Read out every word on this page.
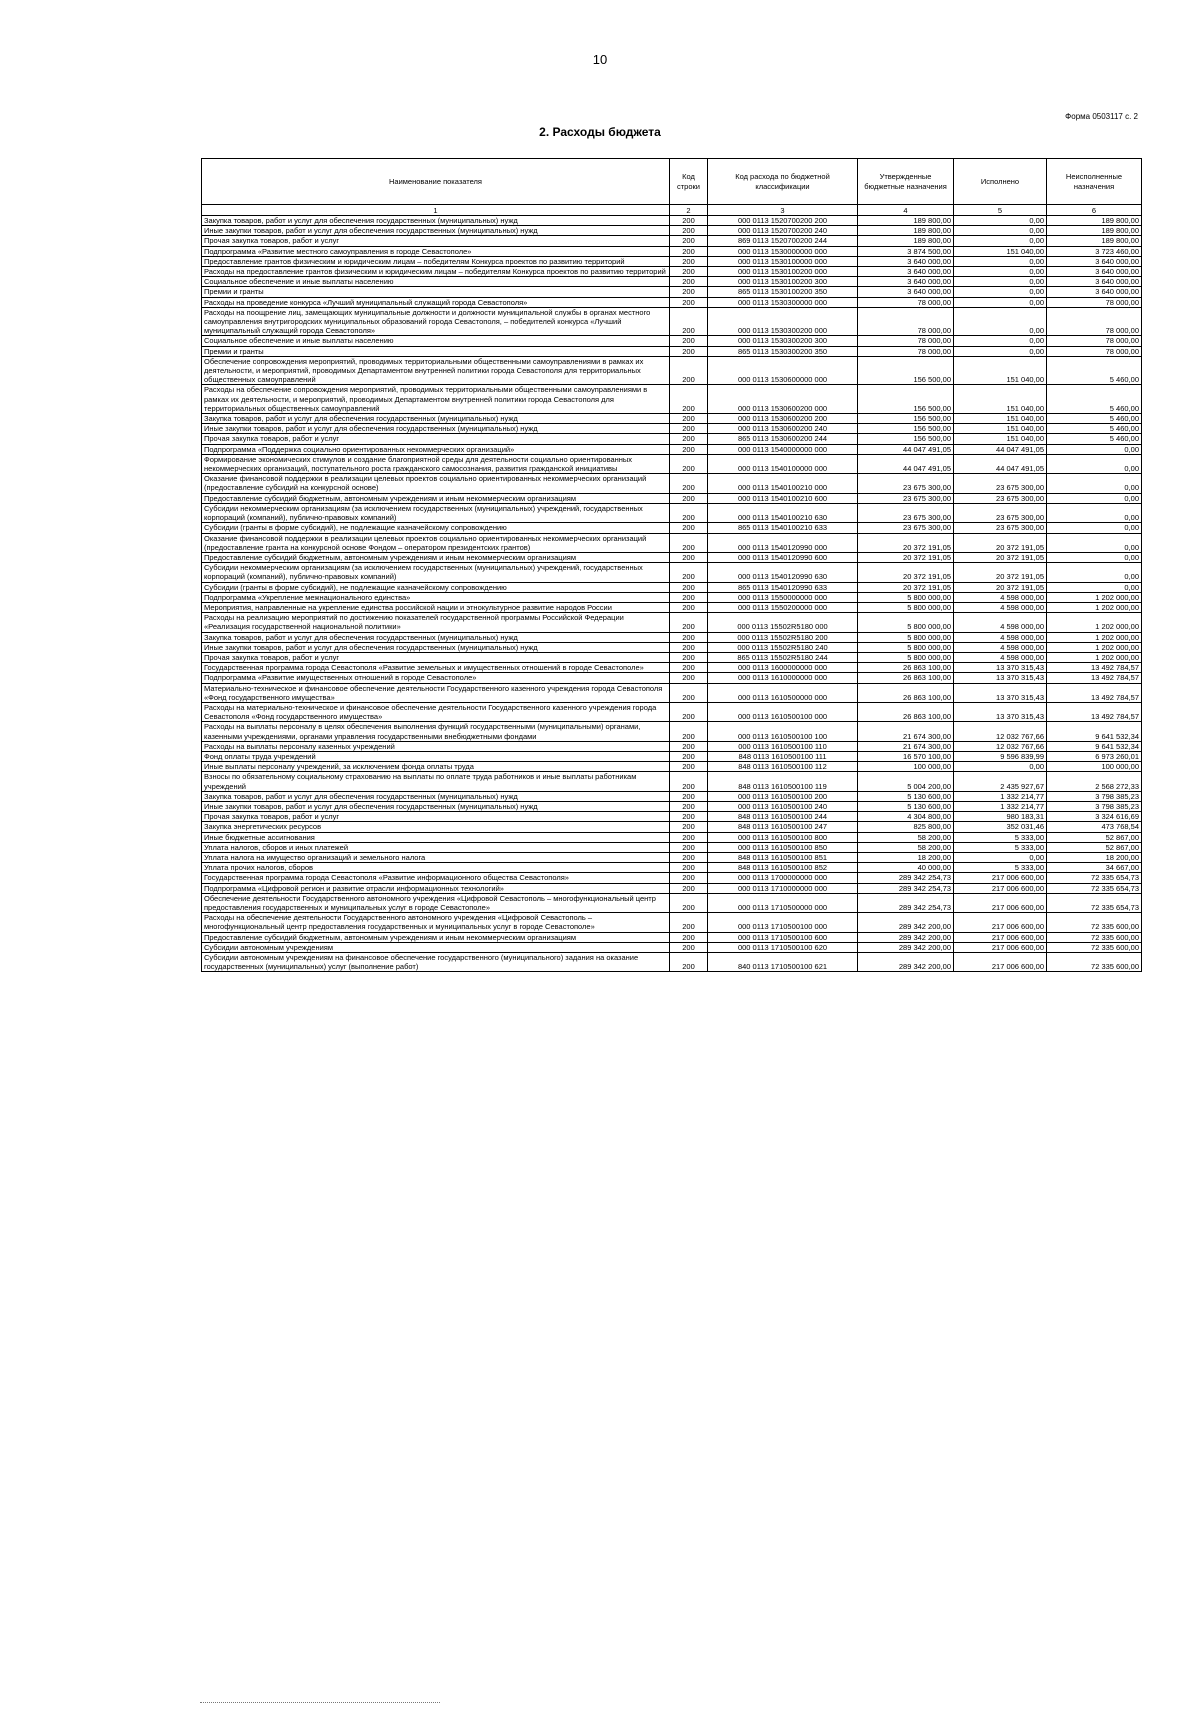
10
Форма 0503117 с. 2
2. Расходы бюджета
Наименование показателя	Код строки	Код расхода по бюджетной классификации	Утвержденные бюджетные назначения	Исполнено	Неисполненные назначения
1	2	3	4	5	6
Закупка товаров, работ и услуг для обеспечения государственных (муниципальных) нужд	200	000 0113 1520700200 200	189 800,00	0,00	189 800,00
Иные закупки товаров, работ и услуг для обеспечения государственных (муниципальных) нужд	200	000 0113 1520700200 240	189 800,00	0,00	189 800,00
Прочая закупка товаров, работ и услуг	200	869 0113 1520700200 244	189 800,00	0,00	189 800,00
Подпрограмма «Развитие местного самоуправления в городе Севастополе»	200	000 0113 1530000000 000	3 874 500,00	151 040,00	3 723 460,00
Предоставление грантов физическим и юридическим лицам – победителям Конкурса проектов по развитию территорий	200	000 0113 1530100000 000	3 640 000,00	0,00	3 640 000,00
Расходы на предоставление грантов физическим и юридическим лицам – победителям Конкурса проектов по развитию территорий	200	000 0113 1530100200 000	3 640 000,00	0,00	3 640 000,00
Социальное обеспечение и иные выплаты населению	200	000 0113 1530100200 300	3 640 000,00	0,00	3 640 000,00
Премии и гранты	200	865 0113 1530100200 350	3 640 000,00	0,00	3 640 000,00
Расходы на проведение конкурса «Лучший муниципальный служащий города Севастополя»	200	000 0113 1530300000 000	78 000,00	0,00	78 000,00
Расходы на поощрение лиц, замещающих муниципальные должности и должности муниципальной службы в органах местного самоуправления внутригородских муниципальных образований города Севастополя, – победителей конкурса «Лучший муниципальный служащий города Севастополя»	200	000 0113 1530300200 000	78 000,00	0,00	78 000,00
Социальное обеспечение и иные выплаты населению	200	000 0113 1530300200 300	78 000,00	0,00	78 000,00
Премии и гранты	200	865 0113 1530300200 350	78 000,00	0,00	78 000,00
Обеспечение сопровождения мероприятий, проводимых территориальными общественными самоуправлениями в рамках их деятельности, и мероприятий, проводимых Департаментом внутренней политики города Севастополя для территориальных общественных самоуправлений	200	000 0113 1530600000 000	156 500,00	151 040,00	5 460,00
Расходы на обеспечение сопровождения мероприятий, проводимых территориальными общественными самоуправлениями в рамках их деятельности, и мероприятий, проводимых Департаментом внутренней политики города Севастополя для территориальных общественных самоуправлений	200	000 0113 1530600200 000	156 500,00	151 040,00	5 460,00
Закупка товаров, работ и услуг для обеспечения государственных (муниципальных) нужд	200	000 0113 1530600200 200	156 500,00	151 040,00	5 460,00
Иные закупки товаров, работ и услуг для обеспечения государственных (муниципальных) нужд	200	000 0113 1530600200 240	156 500,00	151 040,00	5 460,00
Прочая закупка товаров, работ и услуг	200	865 0113 1530600200 244	156 500,00	151 040,00	5 460,00
Подпрограмма «Поддержка социально ориентированных некоммерческих организаций»	200	000 0113 1540000000 000	44 047 491,05	44 047 491,05	0,00
Формирование экономических стимулов и создание благоприятной среды для деятельности социально ориентированных некоммерческих организаций, поступательного роста гражданского самосознания, развития гражданской инициативы	200	000 0113 1540100000 000	44 047 491,05	44 047 491,05	0,00
Оказание финансовой поддержки в реализации целевых проектов социально ориентированных некоммерческих организаций (предоставление субсидий на конкурсной основе)	200	000 0113 1540100210 000	23 675 300,00	23 675 300,00	0,00
Предоставление субсидий бюджетным, автономным учреждениям и иным некоммерческим организациям	200	000 0113 1540100210 600	23 675 300,00	23 675 300,00	0,00
Субсидии некоммерческим организациям (за исключением государственных (муниципальных) учреждений, государственных корпораций (компаний), публично-правовых компаний)	200	000 0113 1540100210 630	23 675 300,00	23 675 300,00	0,00
Субсидии (гранты в форме субсидий), не подлежащие казначейскому сопровождению	200	865 0113 1540100210 633	23 675 300,00	23 675 300,00	0,00
Оказание финансовой поддержки в реализации целевых проектов социально ориентированных некоммерческих организаций (предоставление гранта на конкурсной основе Фондом – оператором президентских грантов)	200	000 0113 1540120990 000	20 372 191,05	20 372 191,05	0,00
Предоставление субсидий бюджетным, автономным учреждениям и иным некоммерческим организациям	200	000 0113 1540120990 600	20 372 191,05	20 372 191,05	0,00
Субсидии некоммерческим организациям (за исключением государственных (муниципальных) учреждений, государственных корпораций (компаний), публично-правовых компаний)	200	000 0113 1540120990 630	20 372 191,05	20 372 191,05	0,00
Субсидии (гранты в форме субсидий), не подлежащие казначейскому сопровождению	200	865 0113 1540120990 633	20 372 191,05	20 372 191,05	0,00
Подпрограмма «Укрепление межнационального единства»	200	000 0113 1550000000 000	5 800 000,00	4 598 000,00	1 202 000,00
Мероприятия, направленные на укрепление единства российской нации и этнокультурное развитие народов России	200	000 0113 1550200000 000	5 800 000,00	4 598 000,00	1 202 000,00
Расходы на реализацию мероприятий по достижению показателей государственной программы Российской Федерации «Реализация государственной национальной политики»	200	000 0113 15502R5180 000	5 800 000,00	4 598 000,00	1 202 000,00
Закупка товаров, работ и услуг для обеспечения государственных (муниципальных) нужд	200	000 0113 15502R5180 200	5 800 000,00	4 598 000,00	1 202 000,00
Иные закупки товаров, работ и услуг для обеспечения государственных (муниципальных) нужд	200	000 0113 15502R5180 240	5 800 000,00	4 598 000,00	1 202 000,00
Прочая закупка товаров, работ и услуг	200	865 0113 15502R5180 244	5 800 000,00	4 598 000,00	1 202 000,00
Государственная программа города Севастополя «Развитие земельных и имущественных отношений в городе Севастополе»	200	000 0113 1600000000 000	26 863 100,00	13 370 315,43	13 492 784,57
Подпрограмма «Развитие имущественных отношений в городе Севастополе»	200	000 0113 1610000000 000	26 863 100,00	13 370 315,43	13 492 784,57
Материально-техническое и финансовое обеспечение деятельности Государственного казенного учреждения города Севастополя «Фонд государственного имущества»	200	000 0113 1610500000 000	26 863 100,00	13 370 315,43	13 492 784,57
Расходы на материально-техническое и финансовое обеспечение деятельности Государственного казенного учреждения города Севастополя «Фонд государственного имущества»	200	000 0113 1610500100 000	26 863 100,00	13 370 315,43	13 492 784,57
Расходы на выплаты персоналу в целях обеспечения выполнения функций государственными (муниципальными) органами, казенными учреждениями, органами управления государственными внебюджетными фондами	200	000 0113 1610500100 100	21 674 300,00	12 032 767,66	9 641 532,34
Расходы на выплаты персоналу казенных учреждений	200	000 0113 1610500100 110	21 674 300,00	12 032 767,66	9 641 532,34
Фонд оплаты труда учреждений	200	848 0113 1610500100 111	16 570 100,00	9 596 839,99	6 973 260,01
Иные выплаты персоналу учреждений, за исключением фонда оплаты труда	200	848 0113 1610500100 112	100 000,00	0,00	100 000,00
Взносы по обязательному социальному страхованию на выплаты по оплате труда работников и иные выплаты работникам учреждений	200	848 0113 1610500100 119	5 004 200,00	2 435 927,67	2 568 272,33
Закупка товаров, работ и услуг для обеспечения государственных (муниципальных) нужд	200	000 0113 1610500100 200	5 130 600,00	1 332 214,77	3 798 385,23
Иные закупки товаров, работ и услуг для обеспечения государственных (муниципальных) нужд	200	000 0113 1610500100 240	5 130 600,00	1 332 214,77	3 798 385,23
Прочая закупка товаров, работ и услуг	200	848 0113 1610500100 244	4 304 800,00	980 183,31	3 324 616,69
Закупка энергетических ресурсов	200	848 0113 1610500100 247	825 800,00	352 031,46	473 768,54
Иные бюджетные ассигнования	200	000 0113 1610500100 800	58 200,00	5 333,00	52 867,00
Уплата налогов, сборов и иных платежей	200	000 0113 1610500100 850	58 200,00	5 333,00	52 867,00
Уплата налога на имущество организаций и земельного налога	200	848 0113 1610500100 851	18 200,00	0,00	18 200,00
Уплата прочих налогов, сборов	200	848 0113 1610500100 852	40 000,00	5 333,00	34 667,00
Государственная программа города Севастополя «Развитие информационного общества Севастополя»	200	000 0113 1700000000 000	289 342 254,73	217 006 600,00	72 335 654,73
Подпрограмма «Цифровой регион и развитие отрасли информационных технологий»	200	000 0113 1710000000 000	289 342 254,73	217 006 600,00	72 335 654,73
Обеспечение деятельности Государственного автономного учреждения «Цифровой Севастополь – многофункциональный центр предоставления государственных и муниципальных услуг в городе Севастополе»	200	000 0113 1710500000 000	289 342 254,73	217 006 600,00	72 335 654,73
Расходы на обеспечение деятельности Государственного автономного учреждения «Цифровой Севастополь – многофункциональный центр предоставления государственных и муниципальных услуг в городе Севастополе»	200	000 0113 1710500100 000	289 342 200,00	217 006 600,00	72 335 600,00
Предоставление субсидий бюджетным, автономным учреждениям и иным некоммерческим организациям	200	000 0113 1710500100 600	289 342 200,00	217 006 600,00	72 335 600,00
Субсидии автономным учреждениям	200	000 0113 1710500100 620	289 342 200,00	217 006 600,00	72 335 600,00
Субсидии автономным учреждениям на финансовое обеспечение государственного (муниципального) задания на оказание государственных (муниципальных) услуг (выполнение работ)	200	840 0113 1710500100 621	289 342 200,00	217 006 600,00	72 335 600,00
